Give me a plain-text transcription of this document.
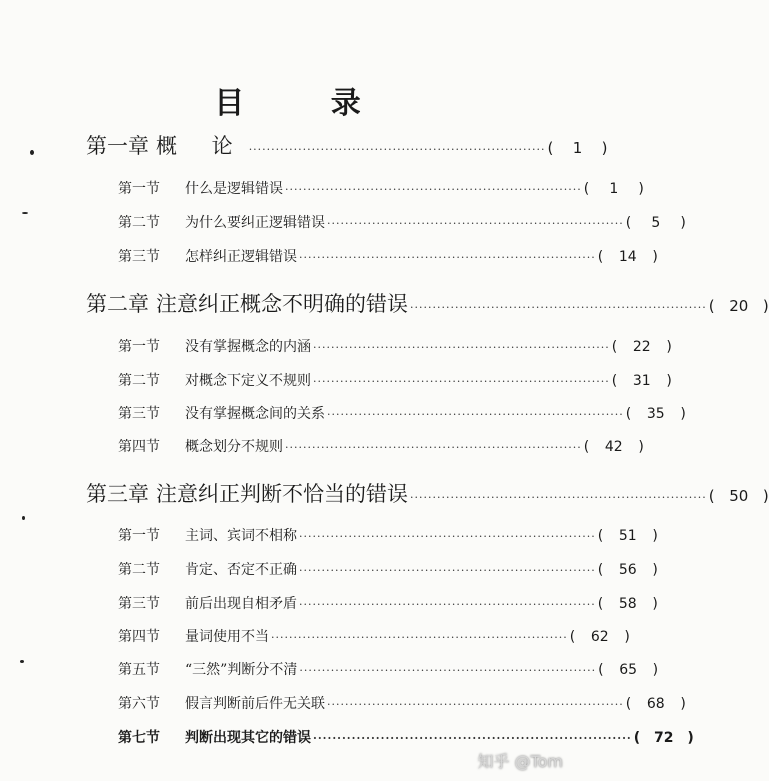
目 录
第一章 概 论 ·································································· (	1	)
第一节	什么是逻辑错误 ·································································· (	1	)
第二节	为什么要纠正逻辑错误 ·································································· (	5	)
第三节	怎样纠正逻辑错误 ·································································· (	14	)
第二章 注意纠正概念不明确的错误 ·································································· ( 20 )
第一节	没有掌握概念的内涵 ·································································· (	22	)
第二节	对概念下定义不规则 ·································································· (	31	)
第三节	没有掌握概念间的关系 ·································································· (	35	)
第四节	概念划分不规则 ·································································· (	42	)
第三章 注意纠正判断不恰当的错误 ·································································· ( 50 )
第一节	主词、宾词不相称 ·································································· (	51	)
第二节	肯定、否定不正确 ·································································· (	56	)
第三节	前后出现自相矛盾 ·································································· (	58	)
第四节	量词使用不当 ·································································· (	62	)
第五节	“三然”判断分不清 ·································································· (	65	)
第六节	假言判断前后件无关联 ·································································· (	68	)
第七节	判断出现其它的错误 ·································································· ( 72 )
知乎 @Tom
